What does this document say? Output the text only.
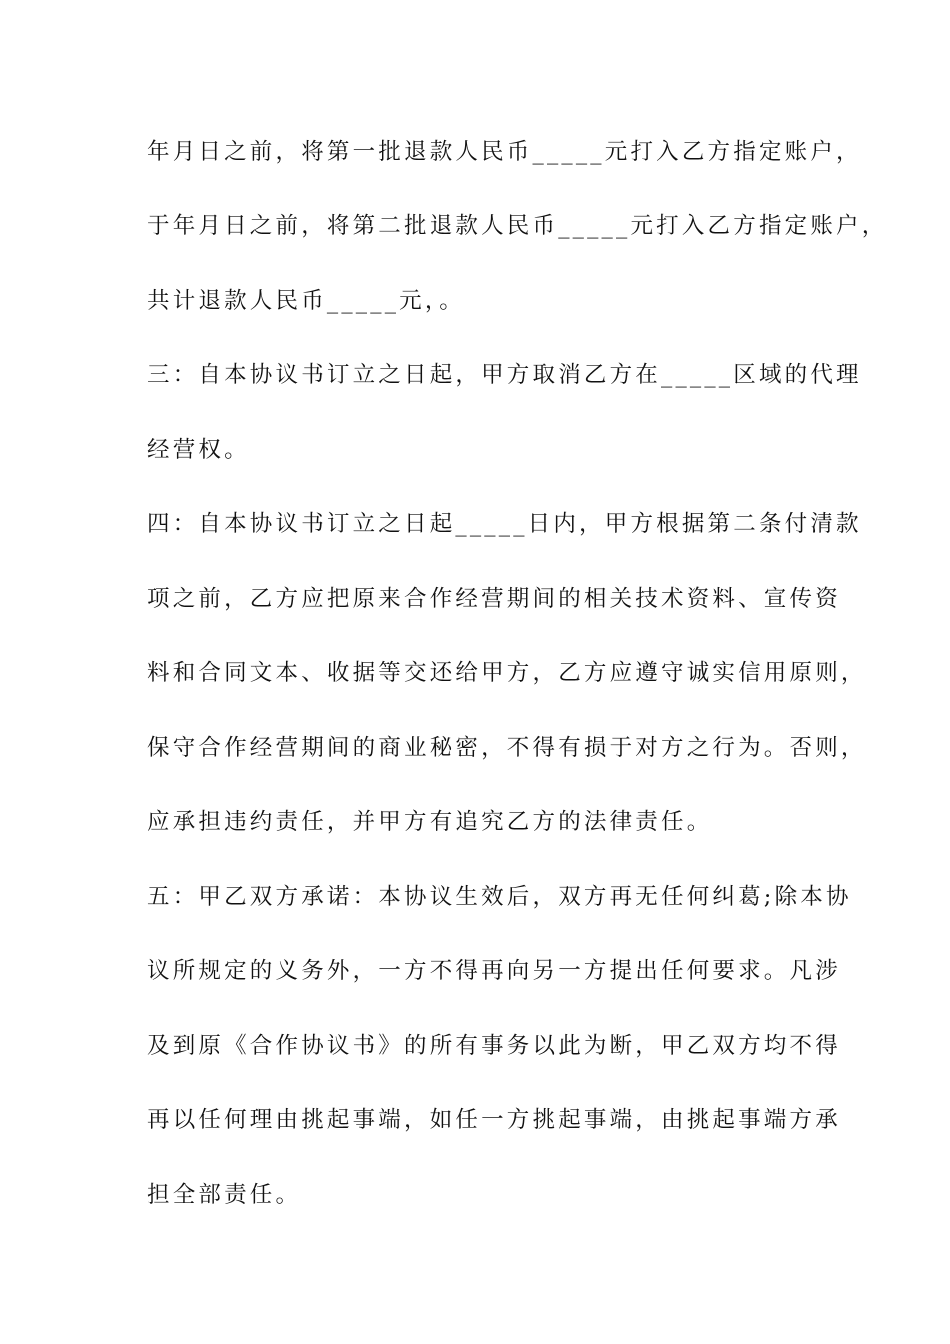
年月日之前，将第一批退款人民币_____元打入乙方指定账户，
于年月日之前，将第二批退款人民币_____元打入乙方指定账户，
共计退款人民币_____元，。
三：自本协议书订立之日起，甲方取消乙方在_____区域的代理
经营权。
四：自本协议书订立之日起_____日内，甲方根据第二条付清款
项之前，乙方应把原来合作经营期间的相关技术资料、宣传资
料和合同文本、收据等交还给甲方，乙方应遵守诚实信用原则，
保守合作经营期间的商业秘密，不得有损于对方之行为。否则，
应承担违约责任，并甲方有追究乙方的法律责任。
五：甲乙双方承诺：本协议生效后，双方再无任何纠葛;除本协
议所规定的义务外，一方不得再向另一方提出任何要求。凡涉
及到原《合作协议书》的所有事务以此为断，甲乙双方均不得
再以任何理由挑起事端，如任一方挑起事端，由挑起事端方承
担全部责任。
